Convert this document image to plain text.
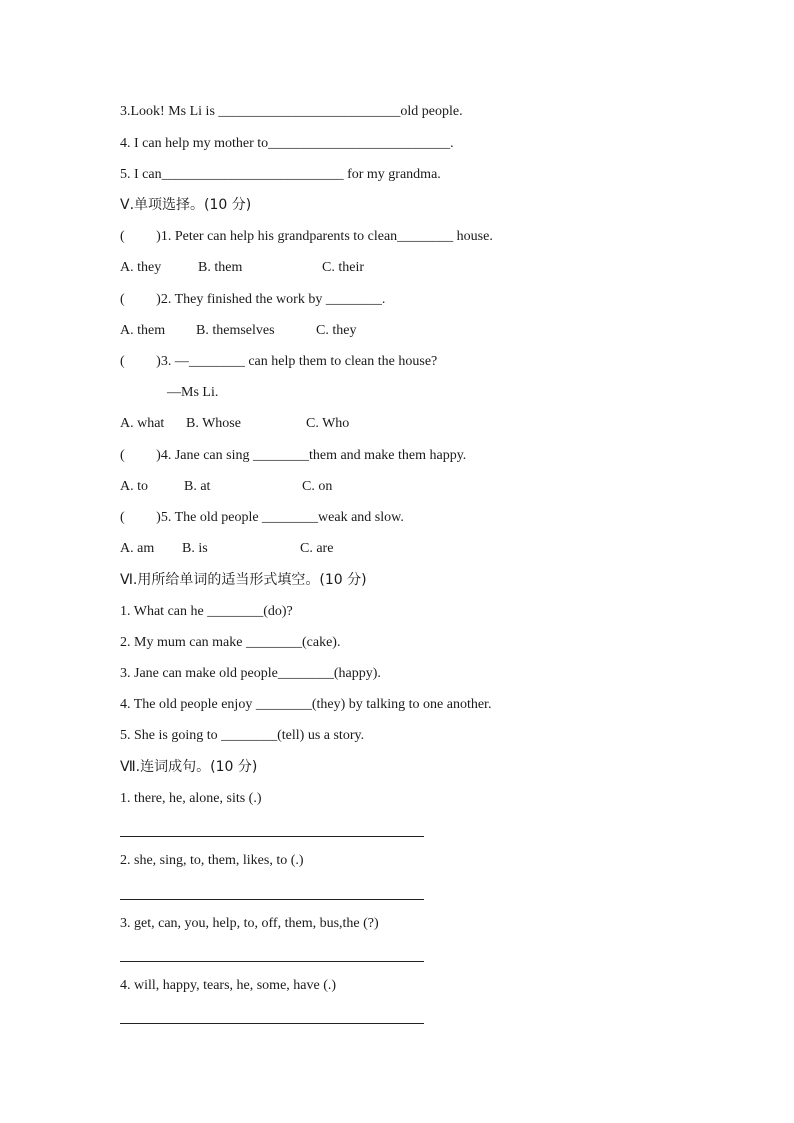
3.Look! Ms Li is __________________________old people.
4. I can help my mother to__________________________.
5. I can__________________________ for my grandma.
Ⅴ.单项选择。(10 分)
(         )1. Peter can help his grandparents to clean________ house.
A. they	B. them	C. their
(         )2. They finished the work by ________.
A. them B. themselves	C. they
(         )3. —________ can help them to clean the house?
—Ms Li.
A. what B. Whose	C. Who
(         )4. Jane can sing ________them and make them happy.
A. to	B. at	C. on
(         )5. The old people ________weak and slow.
A. am B. is	C. are
Ⅵ.用所给单词的适当形式填空。(10 分)
1. What can he ________(do)?
2. My mum can make ________(cake).
3. Jane can make old people________(happy).
4. The old people enjoy ________(they) by talking to one another.
5. She is going to ________(tell) us a story.
Ⅶ.连词成句。(10 分)
1. there, he, alone, sits (.)
2. she, sing, to, them, likes, to (.)
3. get, can, you, help, to, off, them, bus,the (?)
4. will, happy, tears, he, some, have (.)
